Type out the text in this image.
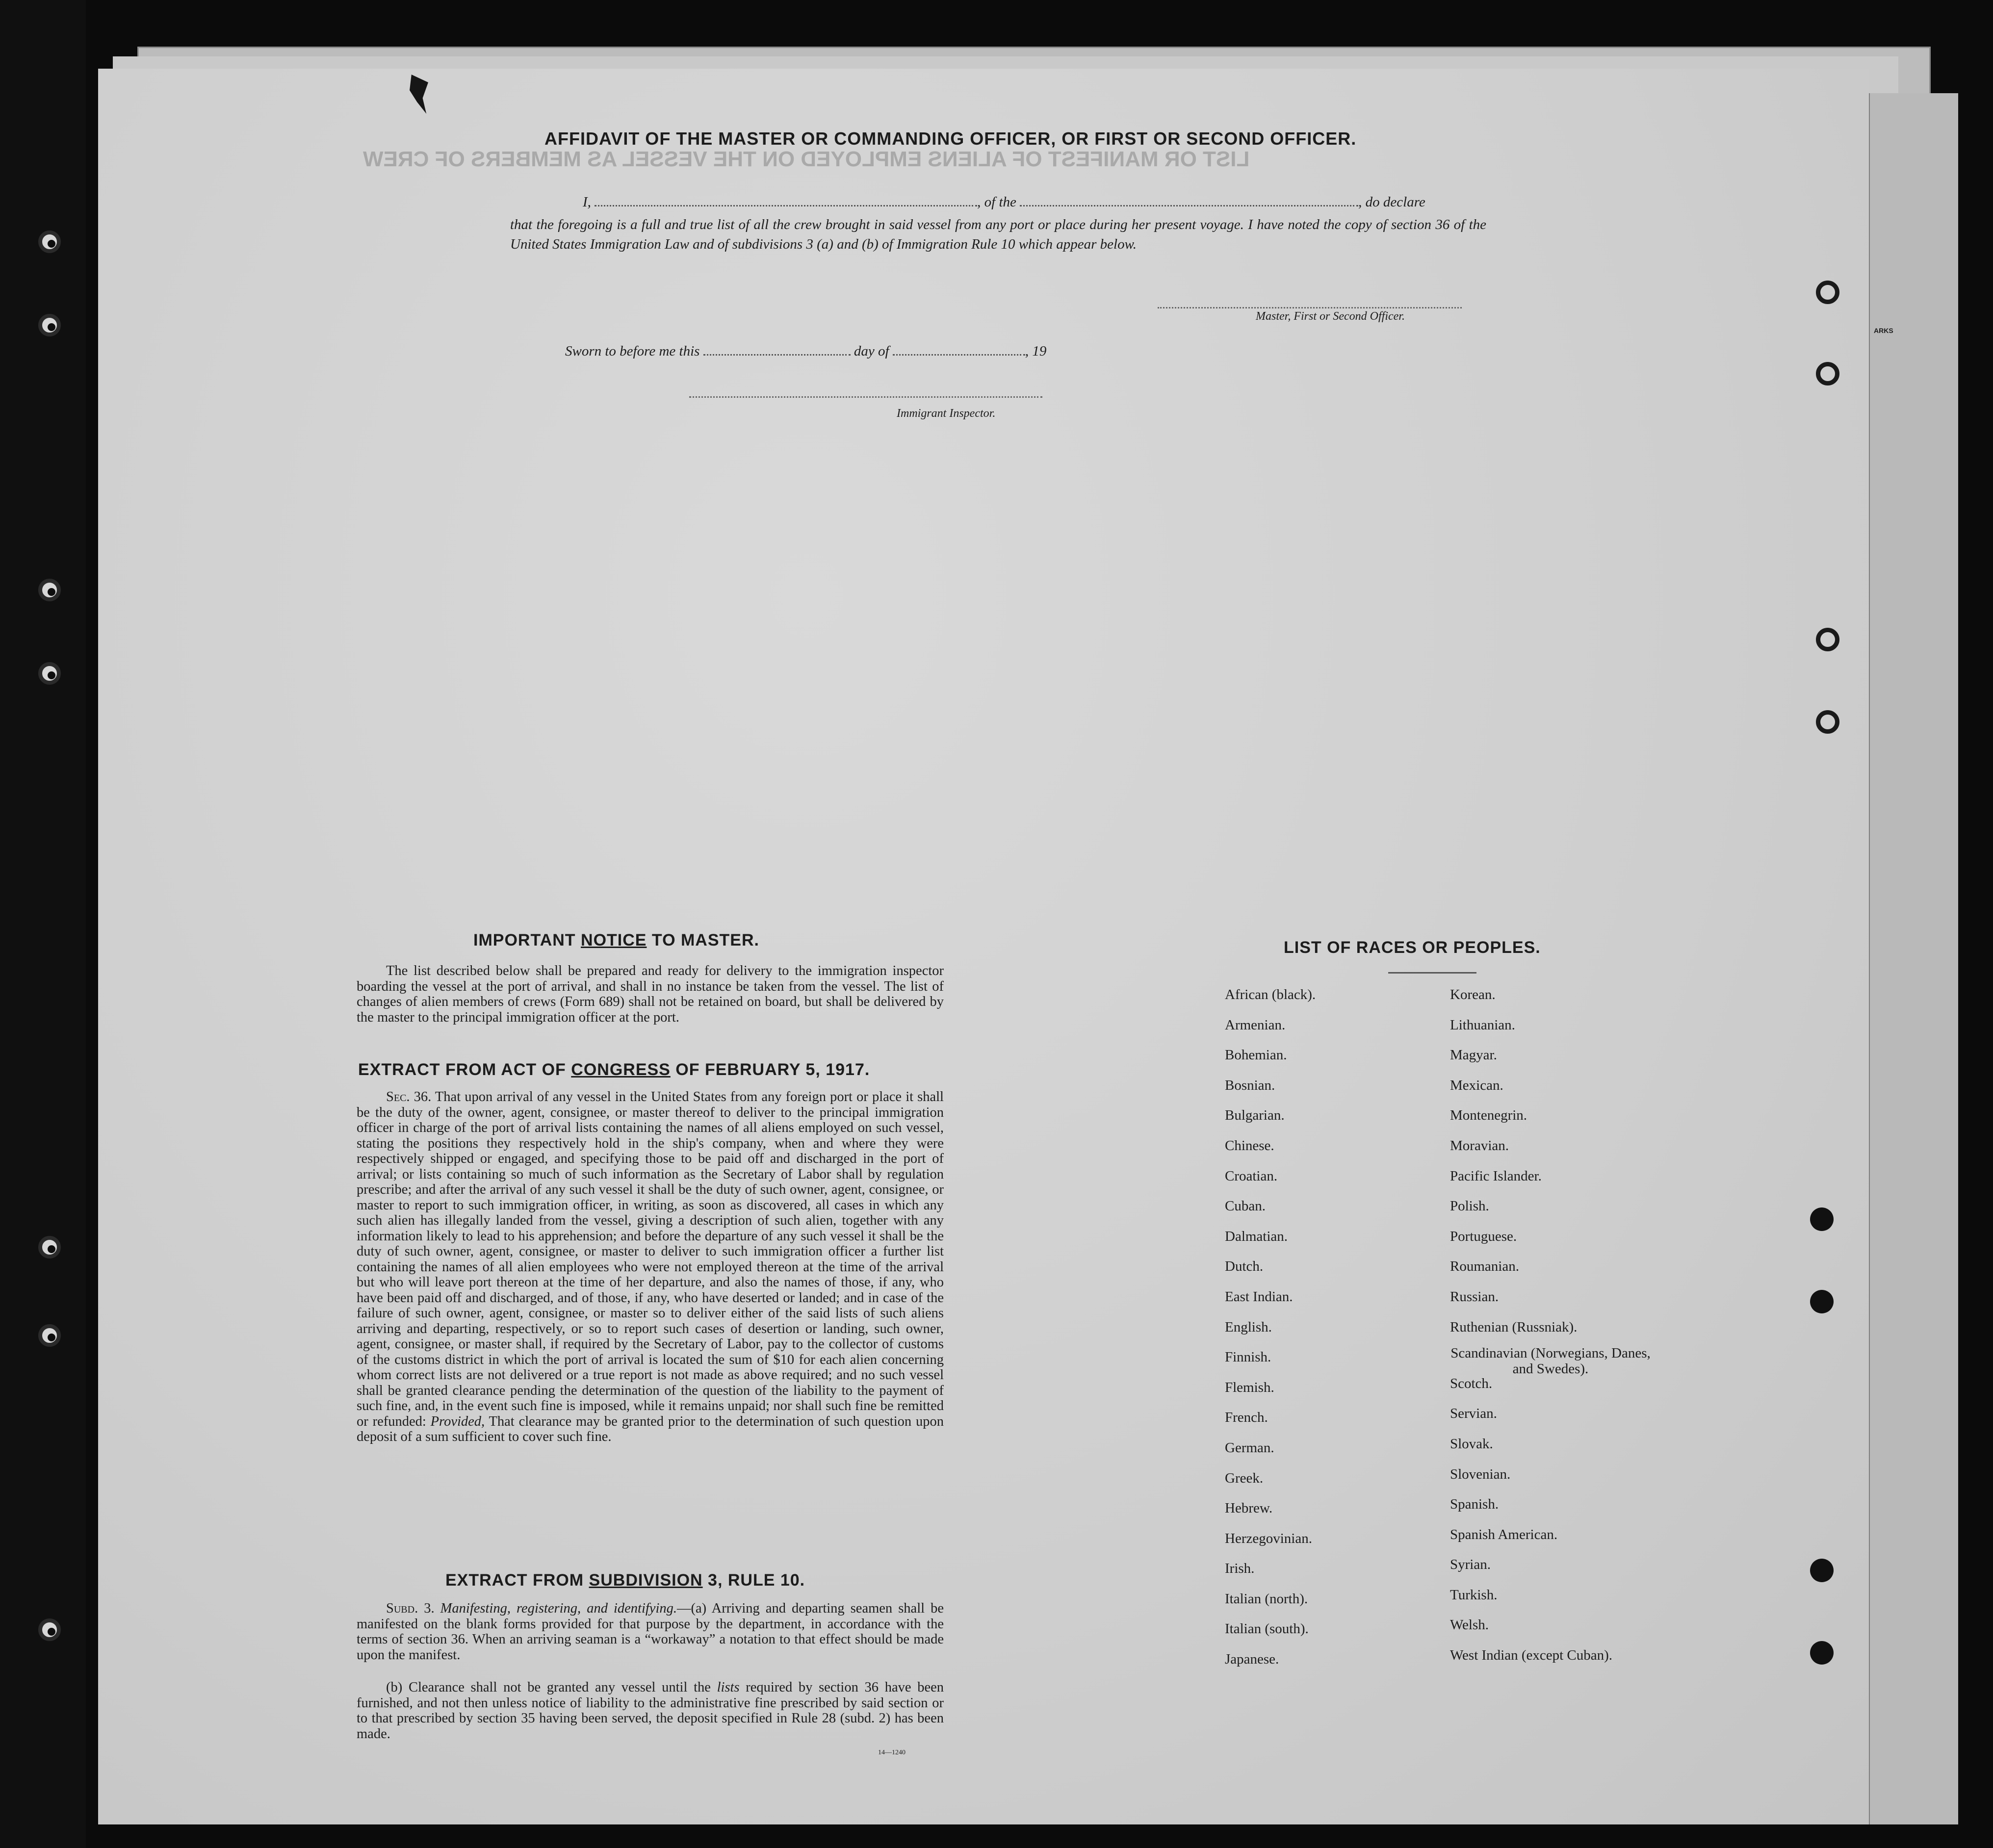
ARKS
LIST OR MANIFEST OF ALIENS EMPLOYED ON THE VESSEL AS MEMBERS OF CREW
AFFIDAVIT OF THE MASTER OR COMMANDING OFFICER, OR FIRST OR SECOND OFFICER.
I,	, of the	, do declare
that the foregoing is a full and true list of all the crew brought in said vessel from any port or place during her present voyage. I have noted the copy of section 36 of the United States Immigration Law and of subdivisions 3 (a) and (b) of Immigration Rule 10 which appear below.
Master, First or Second Officer.
Sworn to before me this	day of	, 19
Immigrant Inspector.
IMPORTANT NOTICE TO MASTER.
The list described below shall be prepared and ready for delivery to the immigration inspector boarding the vessel at the port of arrival, and shall in no instance be taken from the vessel. The list of changes of alien members of crews (Form 689) shall not be retained on board, but shall be delivered by the master to the principal immigration officer at the port.
EXTRACT FROM ACT OF CONGRESS OF FEBRUARY 5, 1917.
Sec. 36. That upon arrival of any vessel in the United States from any foreign port or place it shall be the duty of the owner, agent, consignee, or master thereof to deliver to the principal immigration officer in charge of the port of arrival lists containing the names of all aliens employed on such vessel, stating the positions they respectively hold in the ship's company, when and where they were respectively shipped or engaged, and specifying those to be paid off and discharged in the port of arrival; or lists containing so much of such information as the Secretary of Labor shall by regulation prescribe; and after the arrival of any such vessel it shall be the duty of such owner, agent, consignee, or master to report to such immigration officer, in writing, as soon as discovered, all cases in which any such alien has illegally landed from the vessel, giving a description of such alien, together with any information likely to lead to his apprehension; and before the departure of any such vessel it shall be the duty of such owner, agent, consignee, or master to deliver to such immigration officer a further list containing the names of all alien employees who were not employed thereon at the time of the arrival but who will leave port thereon at the time of her departure, and also the names of those, if any, who have been paid off and discharged, and of those, if any, who have deserted or landed; and in case of the failure of such owner, agent, consignee, or master so to deliver either of the said lists of such aliens arriving and departing, respectively, or so to report such cases of desertion or landing, such owner, agent, consignee, or master shall, if required by the Secretary of Labor, pay to the collector of customs of the customs district in which the port of arrival is located the sum of $10 for each alien concerning whom correct lists are not delivered or a true report is not made as above required; and no such vessel shall be granted clearance pending the determination of the question of the liability to the payment of such fine, and, in the event such fine is imposed, while it remains unpaid; nor shall such fine be remitted or refunded: Provided, That clearance may be granted prior to the determination of such question upon deposit of a sum sufficient to cover such fine.
EXTRACT FROM SUBDIVISION 3, RULE 10.
Subd. 3. Manifesting, registering, and identifying.—(a) Arriving and departing seamen shall be manifested on the blank forms provided for that purpose by the department, in accordance with the terms of section 36. When an arriving seaman is a “workaway” a notation to that effect should be made upon the manifest.
(b) Clearance shall not be granted any vessel until the lists required by section 36 have been furnished, and not then unless notice of liability to the administrative fine prescribed by said section or to that prescribed by section 35 having been served, the deposit specified in Rule 28 (subd. 2) has been made.
14—1240
LIST OF RACES OR PEOPLES.
African (black).
Armenian.
Bohemian.
Bosnian.
Bulgarian.
Chinese.
Croatian.
Cuban.
Dalmatian.
Dutch.
East Indian.
English.
Finnish.
Flemish.
French.
German.
Greek.
Hebrew.
Herzegovinian.
Irish.
Italian (north).
Italian (south).
Japanese.
Korean.
Lithuanian.
Magyar.
Mexican.
Montenegrin.
Moravian.
Pacific Islander.
Polish.
Portuguese.
Roumanian.
Russian.
Ruthenian (Russniak).
Scandinavian (Norwegians, Danes, and Swedes).
Scotch.
Servian.
Slovak.
Slovenian.
Spanish.
Spanish American.
Syrian.
Turkish.
Welsh.
West Indian (except Cuban).
